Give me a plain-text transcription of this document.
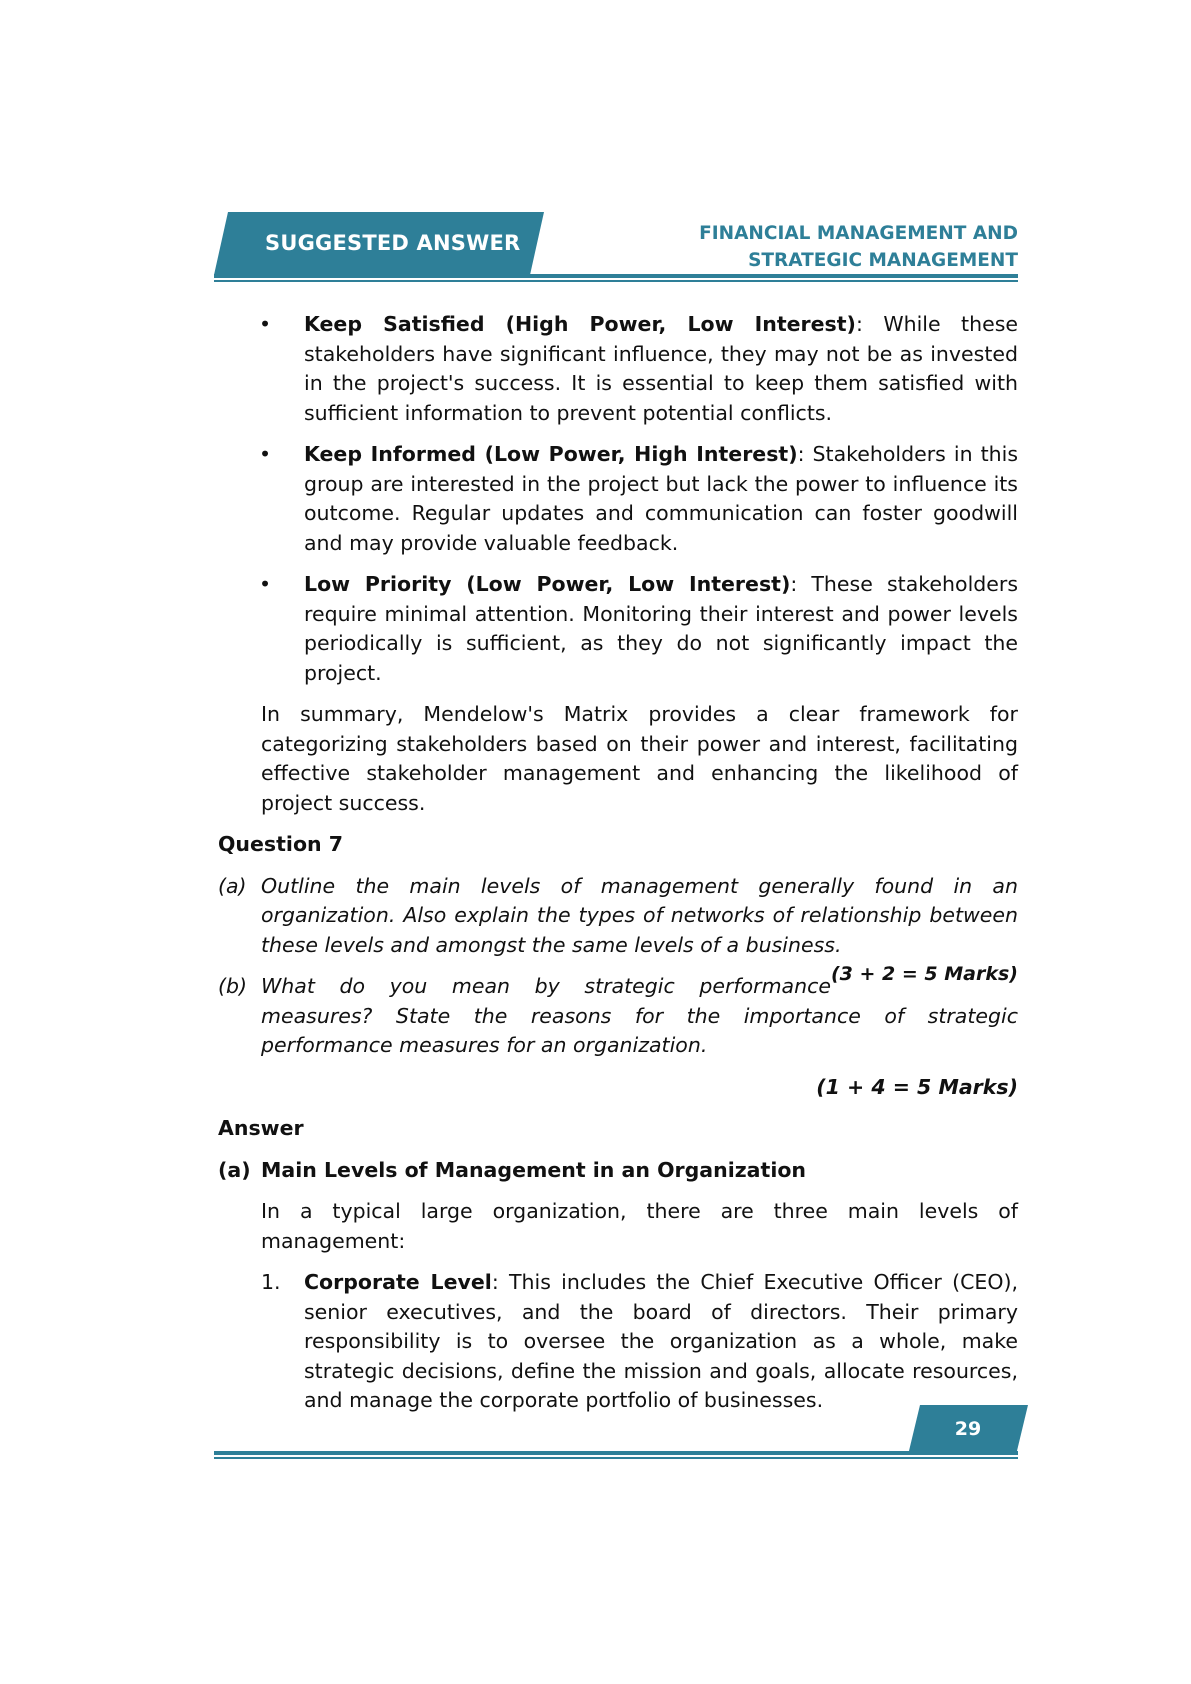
SUGGESTED ANSWER	FINANCIAL MANAGEMENT AND
STRATEGIC MANAGEMENT
• Keep Satisfied (High Power, Low Interest): While these stakeholders have significant influence, they may not be as invested in the project's success. It is essential to keep them satisfied with sufficient information to prevent potential conflicts.
• Keep Informed (Low Power, High Interest): Stakeholders in this group are interested in the project but lack the power to influence its outcome. Regular updates and communication can foster goodwill and may provide valuable feedback.
• Low Priority (Low Power, Low Interest): These stakeholders require minimal attention. Monitoring their interest and power levels periodically is sufficient, as they do not significantly impact the project.

In summary, Mendelow's Matrix provides a clear framework for categorizing stakeholders based on their power and interest, facilitating effective stakeholder management and enhancing the likelihood of project success.

Question 7

(a) Outline the main levels of management generally found in an organization. Also explain the types of networks of relationship between these levels and amongst the same levels of a business.
(3 + 2 = 5 Marks)
(b) What do you mean by strategic performance measures? State the reasons for the importance of strategic performance measures for an organization.

(1 + 4 = 5 Marks)

Answer

(a) Main Levels of Management in an Organization

In a typical large organization, there are three main levels of management:

1. Corporate Level: This includes the Chief Executive Officer (CEO), senior executives, and the board of directors. Their primary responsibility is to oversee the organization as a whole, make strategic decisions, define the mission and goals, allocate resources, and manage the corporate portfolio of businesses.
29
